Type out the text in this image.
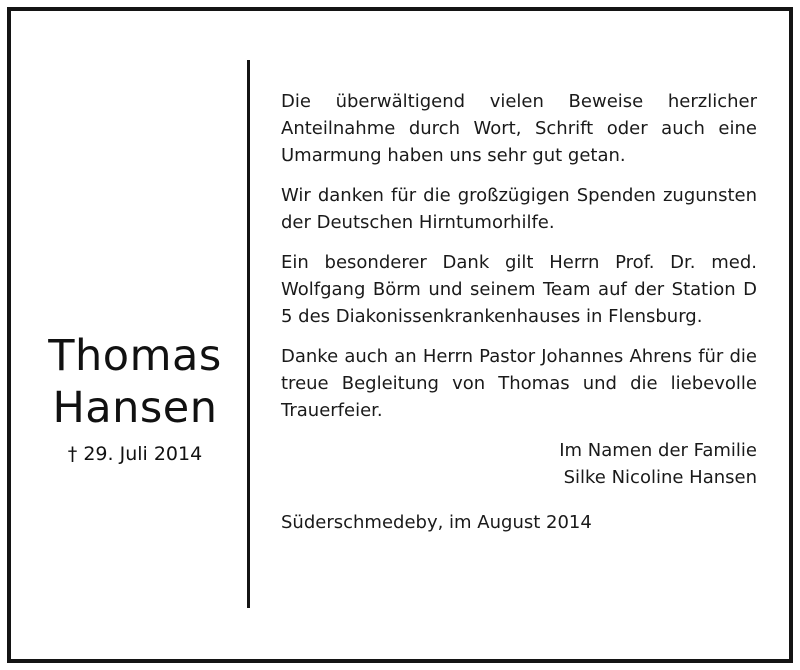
Thomas
Hansen
† 29. Juli 2014

Die überwältigend vielen Beweise herzlicher Anteilnahme durch Wort, Schrift oder auch eine Umarmung haben uns sehr gut getan.

Wir danken für die großzügigen Spenden zugunsten der Deutschen Hirntumorhilfe.

Ein besonderer Dank gilt Herrn Prof. Dr. med. Wolfgang Börm und seinem Team auf der Station D 5 des Diakonissenkrankenhauses in Flensburg.

Danke auch an Herrn Pastor Johannes Ahrens für die treue Begleitung von Thomas und die liebevolle Trauerfeier.

Im Namen der Familie

Silke Nicoline Hansen

Süderschmedeby, im August 2014
